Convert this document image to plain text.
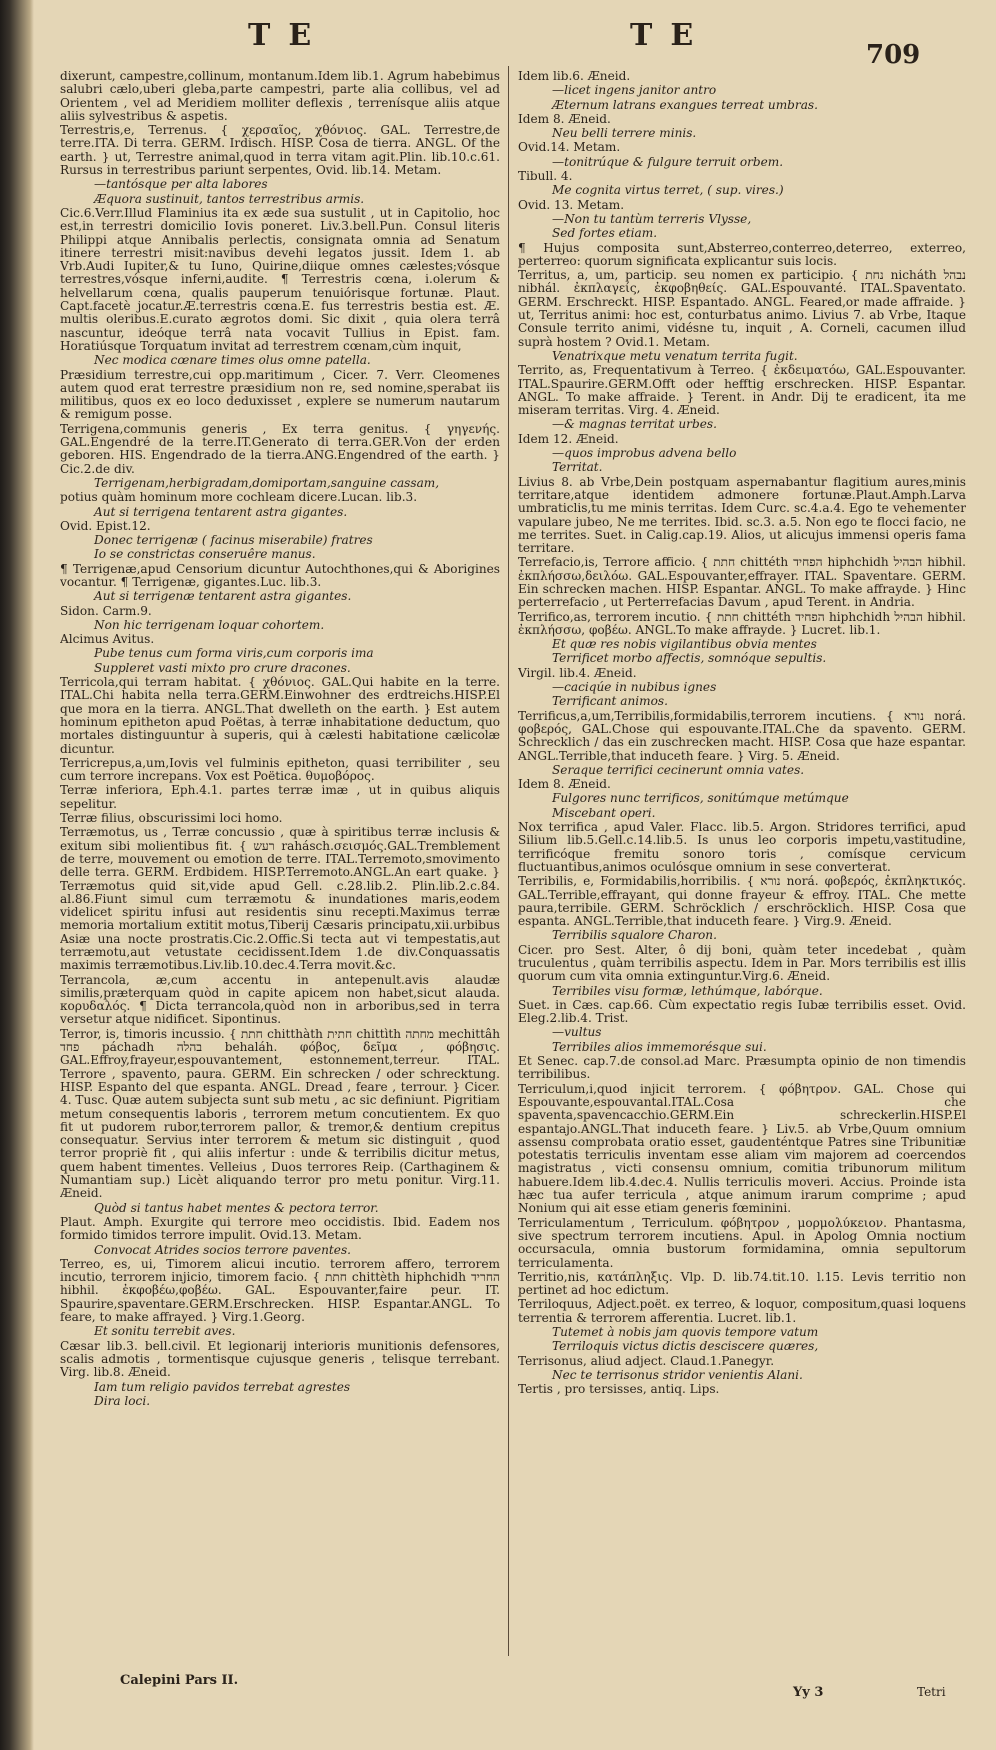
TE	TE
709

dixerunt, campestre,collinum, montanum.Idem lib.1. Agrum habebimus salubri cælo,uberi gleba,parte campestri, parte alia collibus, vel ad Orientem , vel ad Meridiem molliter deflexis , terrenísque aliis atque aliis sylvestribus & aspetis.

Terrestris,e, Terrenus. { χερσαῖος, χθόνιος. GAL. Terrestre,de terre.ITA. Di terra. GERM. Irdisch. HISP. Cosa de tierra. ANGL. Of the earth. } ut, Terrestre animal,quod in terra vitam agit.Plin. lib.10.c.61. Rursus in terrestribus pariunt serpentes, Ovid. lib.14. Metam.

—tantósque per alta labores

Æquora sustinuit, tantos terrestribus armis.

Cic.6.Verr.Illud Flaminius ita ex æde sua sustulit , ut in Capitolio, hoc est,in terrestri domicilio Iovis poneret. Liv.3.bell.Pun. Consul literis Philippi atque Annibalis perlectis, consignata omnia ad Senatum itinere terrestri misit:navibus devehi legatos jussit. Idem 1. ab Vrb.Audi Iupiter,& tu Iuno, Quirine,diique omnes cælestes;vósque terrestres,vósque inferni,audite. ¶ Terrestris cœna, i.olerum & helvellarum cœna, qualis pauperum tenuiórisque fortunæ. Plaut. Capt.facetè jocatur.Æ.terrestris cœna.E. fus terrestris bestia est. Æ. multis oleribus.E.curato ægrotos domi. Sic dixit , quia olera terrâ nascuntur, ideóque terrâ nata vocavit Tullius in Epist. fam. Horatiúsque Torquatum invitat ad terrestrem cœnam,cùm inquit,

Nec modica cœnare times olus omne patella.

Præsidium terrestre,cui opp.maritimum , Cicer. 7. Verr. Cleomenes autem quod erat terrestre præsidium non re, sed nomine,sperabat iis militibus, quos ex eo loco deduxisset , explere se numerum nautarum & remigum posse.

Terrigena,communis generis , Ex terra genitus. { γηγενής. GAL.Engendré de la terre.IT.Generato di terra.GER.Von der erden geboren. HIS. Engendrado de la tierra.ANG.Engendred of the earth. } Cic.2.de div.

Terrigenam,herbigradam,domiportam,sanguine cassam,

potius quàm hominum more cochleam dicere.Lucan. lib.3.

Aut si terrigena tentarent astra gigantes.

Ovid. Epist.12.

Donec terrigenæ ( facinus miserabile) fratres

Io se constrictas conseruêre manus.

¶ Terrigenæ,apud Censorium dicuntur Autochthones,qui & Aborigines vocantur. ¶ Terrigenæ, gigantes.Luc. lib.3.

Aut si terrigenæ tentarent astra gigantes.

Sidon. Carm.9.

Non hic terrigenam loquar cohortem.

Alcimus Avitus.

Pube tenus cum forma viris,cum corporis ima

Suppleret vasti mixto pro crure dracones.

Terricola,qui terram habitat. { χθόνιος. GAL.Qui habite en la terre. ITAL.Chi habita nella terra.GERM.Einwohner des erdtreichs.HISP.El que mora en la tierra. ANGL.That dwelleth on the earth. } Est autem hominum epitheton apud Poëtas, à terræ inhabitatione deductum, quo mortales distinguuntur à superis, qui à cælesti habitatione cælicolæ dicuntur.

Terricrepus,a,um,Iovis vel fulminis epitheton, quasi terribiliter , seu cum terrore increpans. Vox est Poëtica. θυμοβόρος.

Terræ inferiora, Eph.4.1. partes terræ imæ , ut in quibus aliquis sepelitur.

Terræ filius, obscurissimi loci homo.

Terræmotus, us , Terræ concussio , quæ à spiritibus terræ inclusis & exitum sibi molientibus fit. { רעש rahásch.σεισμός.GAL.Tremblement de terre, mouvement ou emotion de terre. ITAL.Terremoto,smovimento delle terra. GERM. Erdbidem. HISP.Terremoto.ANGL.An eart quake. } Terræmotus quid sit,vide apud Gell. c.28.lib.2. Plin.lib.2.c.84. al.86.Fiunt simul cum terræmotu & inundationes maris,eodem videlicet spiritu infusi aut residentis sinu recepti.Maximus terræ memoria mortalium extitit motus,Tiberij Cæsaris principatu,xii.urbibus Asiæ una nocte prostratis.Cic.2.Offic.Si tecta aut vi tempestatis,aut terræmotu,aut vetustate cecidissent.Idem 1.de div.Conquassatis maximis terræmotibus.Liv.lib.10.dec.4.Terra movit.&c.

Terrancola, æ,cum accentu in antepenult.avis alaudæ similis,præterquam quòd in capite apicem non habet,sicut alauda. κορυδαλός. ¶ Dicta terrancola,quòd non in arboribus,sed in terra versetur atque nidificet. Sipontinus.

Terror, is, timoris incussio. { חתת chitthàth חתית chittìth מחתה mechittâh פחד páchadh בהלה behaláh. φόβος, δεῖμα , φόβησις. GAL.Effroy,frayeur,espouvantement, estonnement,terreur. ITAL. Terrore , spavento, paura. GERM. Ein schrecken / oder schrecktung. HISP. Espanto del que espanta. ANGL. Dread , feare , terrour. } Cicer. 4. Tusc. Quæ autem subjecta sunt sub metu , ac sic definiunt. Pigritiam metum consequentis laboris , terrorem metum concutientem. Ex quo fit ut pudorem rubor,terrorem pallor, & tremor,& dentium crepitus consequatur. Servius inter terrorem & metum sic distinguit , quod terror propriè fit , qui aliis infertur : unde & terribilis dicitur metus, quem habent timentes. Velleius , Duos terrores Reip. (Carthaginem & Numantiam sup.) Licèt aliquando terror pro metu ponitur. Virg.11. Æneid.

Quòd si tantus habet mentes & pectora terror.

Plaut. Amph. Exurgite qui terrore meo occidistis. Ibid. Eadem nos formido timidos terrore impulit. Ovid.13. Metam.

Convocat Atrides socios terrore paventes.

Terreo, es, ui, Timorem alicui incutio. terrorem affero, terrorem incutio, terrorem injicio, timorem facio. { חתת chittèth hiphchidh החריד hibhil. ἐκφοβέω,φοβέω. GAL. Espouvanter,faire peur. IT. Spaurire,spaventare.GERM.Erschrecken. HISP. Espantar.ANGL. To feare, to make affrayed. } Virg.1.Georg.

Et sonitu terrebit aves.

Cæsar lib.3. bell.civil. Et legionarij interioris munitionis defensores, scalis admotis , tormentisque cujusque generis , telisque terrebant. Virg. lib.8. Æneid.

Iam tum religio pavidos terrebat agrestes

Dira loci.

Idem lib.6. Æneid.

—licet ingens janitor antro

Æternum latrans exangues terreat umbras.

Idem 8. Æneid.

Neu belli terrere minis.

Ovid.14. Metam.

—tonitrúque & fulgure terruit orbem.

Tibull. 4.

Me cognita virtus terret, ( sup. vires.)

Ovid. 13. Metam.

—Non tu tantùm terreris Vlysse,

Sed fortes etiam.

¶ Hujus composita sunt,Absterreo,conterreo,deterreo, exterreo, perterreo: quorum significata explicantur suis locis.

Territus, a, um, particip. seu nomen ex participio. { נחת nicháth נבהל nibhál. ἐκπλαγείς, ἐκφοβηθείς. GAL.Espouvanté. ITAL.Spaventato. GERM. Erschreckt. HISP. Espantado. ANGL. Feared,or made affraide. } ut, Territus animi: hoc est, conturbatus animo. Livius 7. ab Vrbe, Itaque Consule territo animi, vidésne tu, inquit , A. Corneli, cacumen illud suprà hostem ? Ovid.1. Metam.

Venatrixque metu venatum territa fugit.

Territo, as, Frequentativum à Terreo. { ἐκδειματόω, GAL.Espouvanter. ITAL.Spaurire.GERM.Offt oder hefftig erschrecken. HISP. Espantar. ANGL. To make affraide. } Terent. in Andr. Dij te eradicent, ita me miseram territas. Virg. 4. Æneid.

—& magnas territat urbes.

Idem 12. Æneid.

—quos improbus advena bello

Territat.

Livius 8. ab Vrbe,Dein postquam aspernabantur flagitium aures,minis territare,atque identidem admonere fortunæ.Plaut.Amph.Larva umbraticlis,tu me minis territas. Idem Curc. sc.4.a.4. Ego te vehementer vapulare jubeo, Ne me territes. Ibid. sc.3. a.5. Non ego te flocci facio, ne me territes. Suet. in Calig.cap.19. Alios, ut alicujus immensi operis fama territare.

Terrefacio,is, Terrore afficio. { חתת chittéth הפחיד hiphchidh הבהיל hibhil. ἐκπλήσσω,δειλόω. GAL.Espouvanter,effrayer. ITAL. Spaventare. GERM. Ein schrecken machen. HISP. Espantar. ANGL. To make affrayde. } Hinc perterrefacio , ut Perterrefacias Davum , apud Terent. in Andria.

Terrifico,as, terrorem incutio. { חתת chittéth הפחיד hiphchidh הבהיל hibhil. ἐκπλήσσω, φοβέω. ANGL.To make affrayde. } Lucret. lib.1.

Et quæ res nobis vigilantibus obvia mentes

Terrificet morbo affectis, somnóque sepultis.

Virgil. lib.4. Æneid.

—caciqúe in nubibus ignes

Terrificant animos.

Terrificus,a,um,Terribilis,formidabilis,terrorem incutiens. { נורא norá. φοβερός, GAL.Chose qui espouvante.ITAL.Che da spavento. GERM. Schrecklich / das ein zuschrecken macht. HISP. Cosa que haze espantar. ANGL.Terrible,that induceth feare. } Virg. 5. Æneid.

Seraque terrifici cecinerunt omnia vates.

Idem 8. Æneid.

Fulgores nunc terrificos, sonitúmque metúmque

Miscebant operi.

Nox terrifica , apud Valer. Flacc. lib.5. Argon. Stridores terrifici, apud Silium lib.5.Gell.c.14.lib.5. Is unus leo corporis impetu,vastitudine, terrificóque fremitu sonoro toris , comísque cervicum fluctuantibus,animos oculósque omnium in sese converterat.

Terribilis, e, Formidabilis,horribilis. { נורא norá. φοβερός, ἐκπληκτικός. GAL.Terrible,effrayant, qui donne frayeur & effroy. ITAL. Che mette paura,terribile. GERM. Schröcklich / erschröcklich. HISP. Cosa que espanta. ANGL.Terrible,that induceth feare. } Virg.9. Æneid.

Terribilis squalore Charon.

Cicer. pro Sest. Alter, ô dij boni, quàm teter incedebat , quàm truculentus , quàm terribilis aspectu. Idem in Par. Mors terribilis est illis quorum cum vita omnia extinguntur.Virg.6. Æneid.

Terribiles visu formæ, lethúmque, labórque.

Suet. in Cæs. cap.66. Cùm expectatio regis Iubæ terribilis esset. Ovid. Eleg.2.lib.4. Trist.

—vultus

Terribiles alios immemorésque sui.

Et Senec. cap.7.de consol.ad Marc. Præsumpta opinio de non timendis terribilibus.

Terriculum,i,quod injicit terrorem. { φόβητρον. GAL. Chose qui Espouvante,espouvantal.ITAL.Cosa che spaventa,spavencacchio.GERM.Ein schreckerlin.HISP.El espantajo.ANGL.That induceth feare. } Liv.5. ab Vrbe,Quum omnium assensu comprobata oratio esset, gaudenténtque Patres sine Tribunitiæ potestatis terriculis inventam esse aliam vim majorem ad coercendos magistratus , victi consensu omnium, comitia tribunorum militum habuere.Idem lib.4.dec.4. Nullis terriculis moveri. Accius. Proinde ista hæc tua aufer terricula , atque animum irarum comprime ; apud Nonium qui ait esse etiam generis fœminini.

Terriculamentum , Terriculum. φόβητρον , μορμολύκειον. Phantasma, sive spectrum terrorem incutiens. Apul. in Apolog Omnia noctium occursacula, omnia bustorum formidamina, omnia sepultorum terriculamenta.

Territio,nis, κατάπληξις. Vlp. D. lib.74.tit.10. l.15. Levis territio non pertinet ad hoc edictum.

Terriloquus, Adject.poët. ex terreo, & loquor, compositum,quasi loquens terrentia & terrorem afferentia. Lucret. lib.1.

Tutemet à nobis jam quovis tempore vatum

Terriloquis victus dictis desciscere quæres,

Terrisonus, aliud adject. Claud.1.Panegyr.

Nec te terrisonus stridor venientis Alani.

Tertis , pro tersisses, antiq. Lips.

Calepini Pars II.
Yy 3	Tetri
